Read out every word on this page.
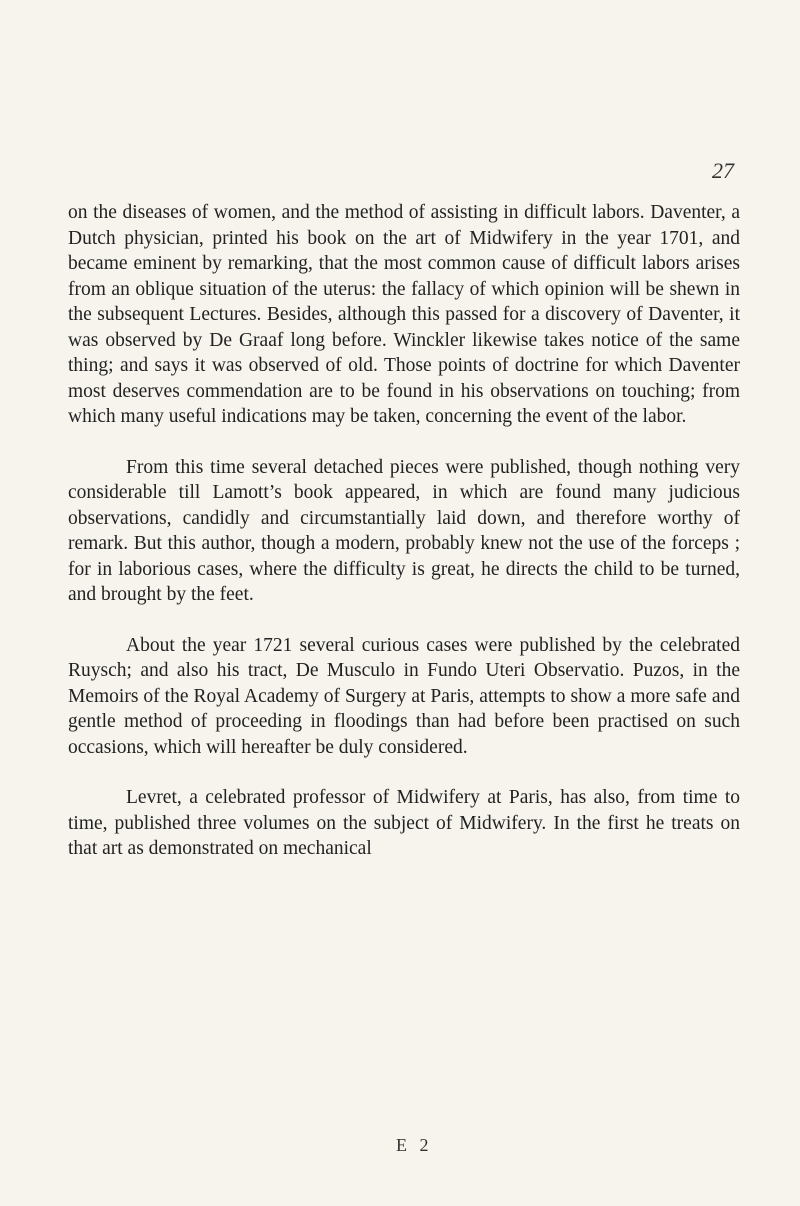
27

on the diseases of women, and the method of assisting in difficult labors. Daventer, a Dutch physician, printed his book on the art of Midwifery in the year 1701, and became eminent by remarking, that the most common cause of difficult labors arises from an oblique situation of the uterus: the fallacy of which opinion will be shewn in the subsequent Lectures. Besides, although this passed for a discovery of Daventer, it was observed by De Graaf long before. Winckler likewise takes notice of the same thing; and says it was observed of old. Those points of doctrine for which Daventer most deserves commendation are to be found in his observations on touching; from which many useful indications may be taken, concerning the event of the labor.

From this time several detached pieces were published, though nothing very considerable till Lamott’s book appeared, in which are found many judicious observations, candidly and circumstantially laid down, and therefore worthy of remark. But this author, though a modern, probably knew not the use of the forceps ; for in laborious cases, where the difficulty is great, he directs the child to be turned, and brought by the feet.

About the year 1721 several curious cases were published by the celebrated Ruysch; and also his tract, De Musculo in Fundo Uteri Observatio. Puzos, in the Memoirs of the Royal Academy of Surgery at Paris, attempts to show a more safe and gentle method of proceeding in floodings than had before been practised on such occasions, which will hereafter be duly considered.

Levret, a celebrated professor of Midwifery at Paris, has also, from time to time, published three volumes on the subject of Midwifery. In the first he treats on that art as demonstrated on mechanical

E 2
